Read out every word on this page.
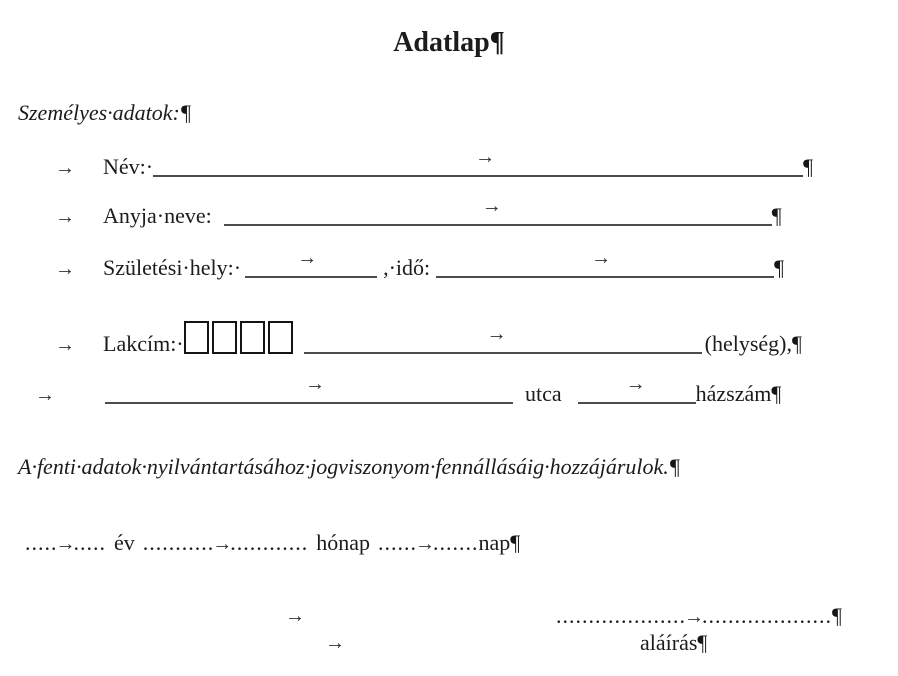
Adatlap¶
Személyes·adatok: ¶
→ Név:·	→	¶
→ Anyja·neve:	→	¶
→ Születési·hely:·	→	,·idő:	→	¶
→ Lakcím:·	→	(helység), ¶
→	→	utca	→ házszám ¶
A·fenti·adatok·nyilvántartásához·jogviszonyom·fennállásáig·hozzájárulok. ¶
.....
→
..... év ...........
→
............ hónap ......
→
....... nap ¶
→	....................
→
.................... ¶
→	aláírás ¶
